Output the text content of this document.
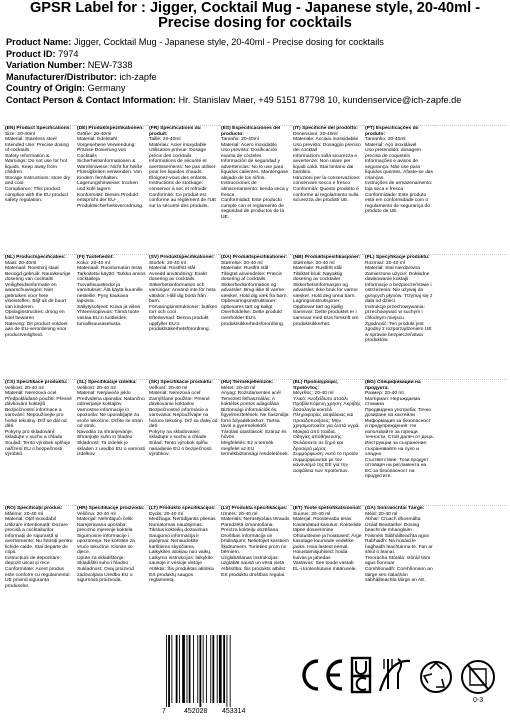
GPSR Label for : Jigger, Cocktail Mug - Japanese style, 20-40ml - Precise dosing for cocktails
Product Name: Jigger, Cocktail Mug - Japanese style, 20-40ml - Precise dosing for cocktails
Product ID: 7974
Variation Number: NEW-7338
Manufacturer/Distributor: ich-zapfe
Country of Origin: Germany
Contact Person & Contact Information: Hr. Stanislav Maer, +49 5151 87798 10, kundenservice@ich-zapfe.de
(EN) Product Specifications:
Size: 20-40ml
Material: Stainless steel
Intended Use: Precise dosing of cocktails
Safety Information &
Warnings: Do not use for hot liquids. Keep away from children.
Storage Instructions: store dry and cool
Compliance: This product complies with the EU product safety regulation.
(DE) Produktspezifikationen:
Größe: 20-40ml
Material: Edelstahl
Vorgesehene Verwendung: Präzise Dosierung von Cocktails
Sicherheitsinformationen & Warnhinweise: Nicht für heiße Flüssigkeiten verwenden. Von Kindern fernhalten.
Lagerungshinweise: trocken und kühl lagern
Konformität: Dieses Produkt entspricht der EU-Produktsicherheitsverordnung.
(FR) Spécifications du produit:
Taille: 20-40ml
Matériau: Acier inoxydable
Utilisation prévue: Dosage précis des cocktails
Informations de sécurité et avertissements: Ne pas utiliser pour les liquides chauds. Éloignez-vous des enfants.
Instructions de stockage: conserver à sec et refroidir
Conformité: Ce produit est conforme au règlement de l'UE sur la sécurité des produits.
(ES) Especificaciones del producto:
Tamaño: 20-40ml
Material: Acero inoxidable
Uso previsto: Dosificación exacta de cócteles
Información de seguridad y advertencias: No lo use para líquidos calientes. Manténgase alejado de los niños.
Instrucciones de almacenamiento: tienda seca y fresca
Conformidad: Este producto cumple con el reglamento de seguridad de productos de la UE.
(IT) Specifiche del prodotto:
Dimensioni: 20-40ml
Materiale: Acciaio inossidabile
Uso previsto: Dosaggio preciso dei cocktail
Informazioni sulla sicurezza e avvertenze: Non usare per liquidi caldi. Stai lontano dai bambini.
Istruzioni per la conservazione: conservare secco e fresco
Conformità: Questo prodotto è conforme al regolamento sulla sicurezza dei prodotti UE.
(PT) Especificações do produto:
Tamanho: 20-40ml
Material: Aço inoxidável
Uso pretendido: dosagem precisa de coquetéis
Informações e avisos de segurança: Não use para líquidos quentes. Afaste-se das crianças.
Instruções de armazenamento: loja seca e fresca
Conformidade: Este produto está em conformidade com o regulamento de segurança do produto da UE.
(NL) Productspecificaties:
Maat: 20-40ml
Materiaal: Roestvrij staal
Beoogd gebruik: Nauwkeurige dosering van cocktails
Veiligheidsinformatie en waarschuwingen: Niet gebruiken voor hete vloeistoffen. Blijf uit de buurt van kinderen.
Opslaginstructies: droog en koel bewaren
Naleving: Dit product voldoet aan de EU-verordening voor productveiligheid.
(FI) Tuotetiedot:
Koko: 20-40 ml
Materiaali: Ruostumaton teräs
Tarkoitettu käyttö: Tarkka annos cocktaileja
Turvallisuustiedot ja varoitukset: Älä käytä kuumille nesteille. Pysy kaukana lapsista.
Säilytysohjeet: Kuiva ja viileä
Yhteensopivuus: Tämä tuote vastaa EU:n tuotteiden turvallisuusasetusta.
(SV) Produktspecifikationer:
Storlek: 20-40 ml
Material: Rostfritt stål
Avsedd användning: Exakt dosering av cocktails
Säkerhetsinformation och varningar: Använd inte för heta vätskor. Håll dig borta från barn.
Förvaringsinstruktioner: butiken torr och cool
Efterlevnad: Denna produkt uppfyller EU:s produktsäkerhetsförordning.
(DA) Produktspecifikationer:
Størrelse: 20-40 ml
Materiale: Rustfrit stål
Tilsigtet anvendelse: Præcis dosering af cocktails
Sikkerhedsinformation og advarsler: Brug ikke til varme væsker. Hold dig væk fra børn.
Opbevaringsinstruktioner: opbevares tørt og køligt
Overholdelse: Dette produkt overholder EU's produktsikkerhedsforordning.
(NB) Produktspesifikasjoner:
Størrelse: 20-40 ml
Materiale: Rustfritt stål
Tilsiktet bruk: Nøyaktig dosering av cocktailer
Sikkerhetsinformasjon og advarsler: Ikke bruk for varme væsker. Hold deg unna barn.
Lagringsinstruksjoner: Oppbevar tørt og kjølig
Samsvar: Dette produktet er i samsvar med EUs forskrift om produktsikkerhet.
(PL) Specyfikacje produktu:
Rozmiar: 20-40 ml
Materiał: Stal nierdzewna
Zamierzone użycie: Dokładne dawkowanie koktajli
Informacje o bezpieczeństwie i ostrzeżenia: Nie używaj do gorących płynów. Trzymaj się z dala od dzieci.
Instrukcje przechowywania: przechowywać w suchym i chłodnym miejscu
Zgodność: Ten produkt jest zgodny z rozporządzeniem UE w sprawie bezpieczeństwa produktów.
(CS) Specifikace produktu:
Velikost: 20-40 ml
Materiál: Nerezová ocel
Předpokládané použití: Přesné dávkování koktejlů
Bezpečnostní informace a varování: Nepoužívejte pro horké tekutiny. Drž se dál od dětí.
Pokyny pro skladování: skladujte v suchu a chladu
Soulad: Tento výrobek splňuje nařízení EU o bezpečnosti výrobků.
(SL) Specifikacije izdelka:
Velikost: 20-40 ml
Material: Nerjaveče jeklo
Predvidena uporaba: Natančno odmerjanje koktajlov
Varnostne informacije in opozorila: Ne uporabljajte za vroče tekočine. Držite se stran od otrok.
Navodila za shranjevanje: Shranjujte suho in hladno
Skladnost: Ta izdelek je skladen z uredbo EU o varnosti izdelkov.
(SK) Špecifikácie produktu:
Veľkosť: 20-40 ml
Materiál: Nerezová oceľ
Zamýšľané použitie: Presné dávkovanie koktailov
Bezpečnostné informácie a varovania: Nepoužívajte na horúce tekutiny. Drž sa ďalej od detí.
Pokyny na skladovanie: skladujte v suchu a chlade
Súlad: Tento výrobok spĺňa nariadenie EÚ o bezpečnosti výrobkov.
(HU) Termékjellemzők:
Méret: 20-40 ml
Anyag: Rozsdamentes acél
Tervezett felhasználás: A koktélok pontos adagolása
Biztonsági információk és figyelmeztetések: Ne használja forró folyadékokhoz. Tartsa távol a gyermekektől.
Tárolási utasítások: Száraz és hűvös
Megfelelés: Ez a termék megfelel az EU termékbiztonsági rendeletének.
(EL) Προδιαγραφές προϊόντος:
Μέγεθος: 20-40 ml
Υλικό: Ανοξείδωτο ατσάλι
Προβλεπόμενη χρήση: Ακριβής δοσολογία κοκτέιλ
Πληροφορίες ασφάλειας και προειδοποιήσεις: Μην χρησιμοποιείτε για ζεστά υγρά. Μακριά από παιδιά.
Οδηγίες αποθήκευσης: Φυλάσσετε σε ξηρό και δροσερό μέρος
Συμμόρφωση: Αυτό το προϊόν συμμορφώνεται με τον κανονισμό της ΕΕ για την ασφάλεια των προϊόντων.
(BG) Спецификации на продукта:
Размер: 20-40 ml
Материал: Неръждаема стомана
Предвидена употреба: Точно дозиране на коктейли
Информация за безопасност и предупреждения: Не използвайте за горещи течности. Стой далеч от деца.
Инструкции за съхранение: съхранявайте на сухо и хладно
Съответствие: Този продукт отговаря на регламента на ЕС за безопасност на продуктите.
(RO) Specificații produs:
Mărime: 20-40 ml
Material: Oțel inoxidabil
Utilizare intenționată: Dozare precisă a cocktailurilor
Informații de siguranță și avertismente: Nu folosiți pentru lichide calde. Stai departe de copii.
Instrucțiuni de depozitare: depozit uscat și rece
Conformitate: Acest produs este conform cu regulamentul UE privind siguranța produselor.
(HR) Specifikacije proizvoda:
Veličina: 20-40 ml
Materijal: Nehrđajući čelik
Namjeravana uporaba: precizno mjerenje koktela
Sigurnosne informacije i upozorenja: Ne koristite za vruće tekućine. Klonite se djece.
Upute za skladištenje: Skladištiti suho i hladno
Sukladnost: Ovaj proizvod zadovoljava Uredbu EU o sigurnosti proizvoda.
(LT) Produkto specifikacijos:
Dydis: 20-40 ml
Medžiaga: Nerūdijantis plienas
Numatomas naudojimas: Tikslus kokteilių dozavimas
Saugumo informacija ir įspėjimai: Nenaudokite karštiems skysčiams. Laikykitės atokiau nuo vaikų.
Laikymo instrukcijos: laikykite sausoje ir vėsioje vietoje
Atitiktis: Šis produktas atitinka ES produktų saugos reglamentą.
(LV) Produkta specifikācijas:
Izmērs: 20-40 ml
Materiāls: Nerūsējošais tērauds
Paredzētā izmantošana: Precīza kokteiļu dozēšana
Drošības informācija un brīdinājumi: Nelietojiet karstiem šķidrumiem. Turieties prom no bērniem.
Uzglabāšanas instrukcijas: uzglabāt sausā un vēsā vietā
Atbilstība: Šis produkts atbilst ES produktu drošības regulai.
(ET) Toote spetsifikatsioonid:
Suurus: 20-40 ml
Materjal: Roostevaba teras
Kavandatud kasutus: Kokteilide täpne doseerimine
Ohutusteave ja hoiatused: Ärge kasutage kuumade vedelike jaoks. Hoia lastest eemal.
Hoiustamisjuhised: hoida kuivas ja jahedas
Vastavus: See toode vastab EL-i tooteohutuse määrusele.
(GA) Sonraíochtaí Táirge:
Méid: 20-40 ml
Ábhar: Cruach dhosmálta
Úsáid Beartaithe: Dosing beacht de mhanglaim
Faisnéis Sábháilteachta agus Rabhaidh: Ná húsáid le haghaidh leachtanna te. Fan ar shiúl ó leanaí.
Treoracha Stórála: stóráil tirim agus fionnuar
Comhlíonadh: Comhlíonann an táirge seo rialachán sábháilteachta táirge an AE.
7	452028 453314
0-3
